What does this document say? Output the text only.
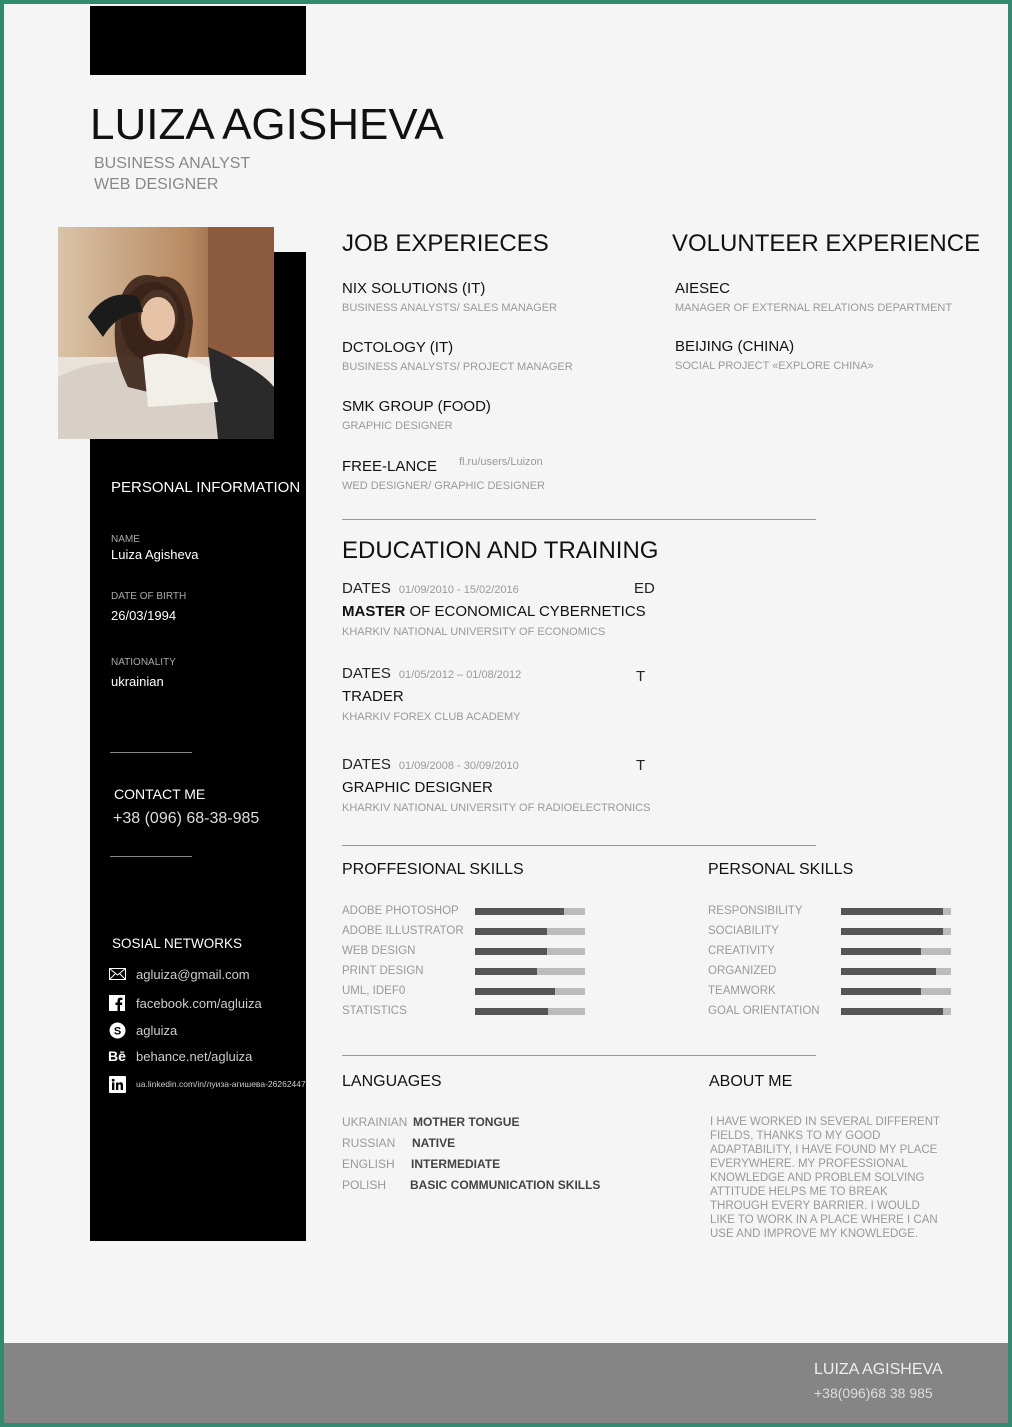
LUIZA AGISHEVA
BUSINESS ANALYST
WEB DESIGNER
PERSONAL INFORMATION
NAME
Luiza Agisheva
DATE OF BIRTH
26/03/1994
NATIONALITY
ukrainian
CONTACT ME
+38 (096) 68-38-985
SOSIAL NETWORKS
agluiza@gmail.com
facebook.com/agluiza
S agluiza
Bē behance.net/agluiza
ua.linkedin.com/in/луиза-агишева-26262447
JOB EXPERIECES
NIX SOLUTIONS (IT)
BUSINESS ANALYSTS/ SALES MANAGER
DCTOLOGY (IT)
BUSINESS ANALYSTS/ PROJECT MANAGER
SMK GROUP (FOOD)
GRAPHIC DESIGNER
FREE-LANCE fl.ru/users/Luizon
WED DESIGNER/ GRAPHIC DESIGNER
VOLUNTEER EXPERIENCE
AIESEC
MANAGER OF EXTERNAL RELATIONS DEPARTMENT
BEIJING (CHINA)
SOCIAL PROJECT «EXPLORE CHINA»
EDUCATION AND TRAINING
DATES 01/09/2010 - 15/02/2016	ED
MASTER OF ECONOMICAL CYBERNETICS
KHARKIV NATIONAL UNIVERSITY OF ECONOMICS
DATES 01/05/2012 – 01/08/2012	T
TRADER
KHARKIV FOREX CLUB ACADEMY
DATES 01/09/2008 - 30/09/2010	T
GRAPHIC DESIGNER
KHARKIV NATIONAL UNIVERSITY OF RADIOELECTRONICS
PROFFESIONAL SKILLS
ADOBE PHOTOSHOP
ADOBE ILLUSTRATOR
WEB DESIGN
PRINT DESIGN
UML, IDEF0
STATISTICS
PERSONAL SKILLS
RESPONSIBILITY
SOCIABILITY
CREATIVITY
ORGANIZED
TEAMWORK
GOAL ORIENTATION
LANGUAGES
UKRAINIAN MOTHER TONGUE
RUSSIAN NATIVE
ENGLISH INTERMEDIATE
POLISH BASIC COMMUNICATION SKILLS
ABOUT ME
I HAVE WORKED IN SEVERAL DIFFERENT FIELDS, THANKS TO MY GOOD ADAPTABILITY, I HAVE FOUND MY PLACE EVERYWHERE. MY PROFESSIONAL KNOWLEDGE AND PROBLEM SOLVING ATTITUDE HELPS ME TO BREAK THROUGH EVERY BARRIER. I WOULD LIKE TO WORK IN A PLACE WHERE I CAN USE AND IMPROVE MY KNOWLEDGE.
LUIZA AGISHEVA
+38(096)68 38 985
